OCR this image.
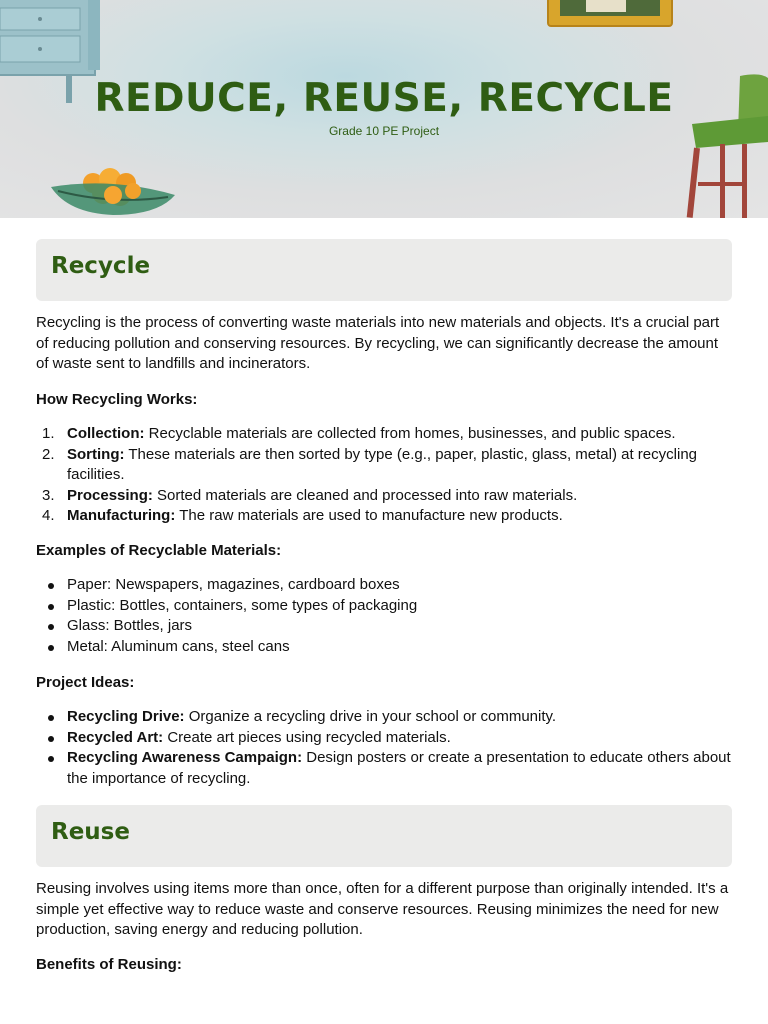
REDUCE, REUSE, RECYCLE
Grade 10 PE Project
Recycle
Recycling is the process of converting waste materials into new materials and objects. It's a crucial part of reducing pollution and conserving resources. By recycling, we can significantly decrease the amount of waste sent to landfills and incinerators.
How Recycling Works:
1. Collection: Recyclable materials are collected from homes, businesses, and public spaces.
2. Sorting: These materials are then sorted by type (e.g., paper, plastic, glass, metal) at recycling facilities.
3. Processing: Sorted materials are cleaned and processed into raw materials.
4. Manufacturing: The raw materials are used to manufacture new products.
Examples of Recyclable Materials:
Paper: Newspapers, magazines, cardboard boxes
Plastic: Bottles, containers, some types of packaging
Glass: Bottles, jars
Metal: Aluminum cans, steel cans
Project Ideas:
Recycling Drive: Organize a recycling drive in your school or community.
Recycled Art: Create art pieces using recycled materials.
Recycling Awareness Campaign: Design posters or create a presentation to educate others about the importance of recycling.
Reuse
Reusing involves using items more than once, often for a different purpose than originally intended. It's a simple yet effective way to reduce waste and conserve resources. Reusing minimizes the need for new production, saving energy and reducing pollution.
Benefits of Reusing:
